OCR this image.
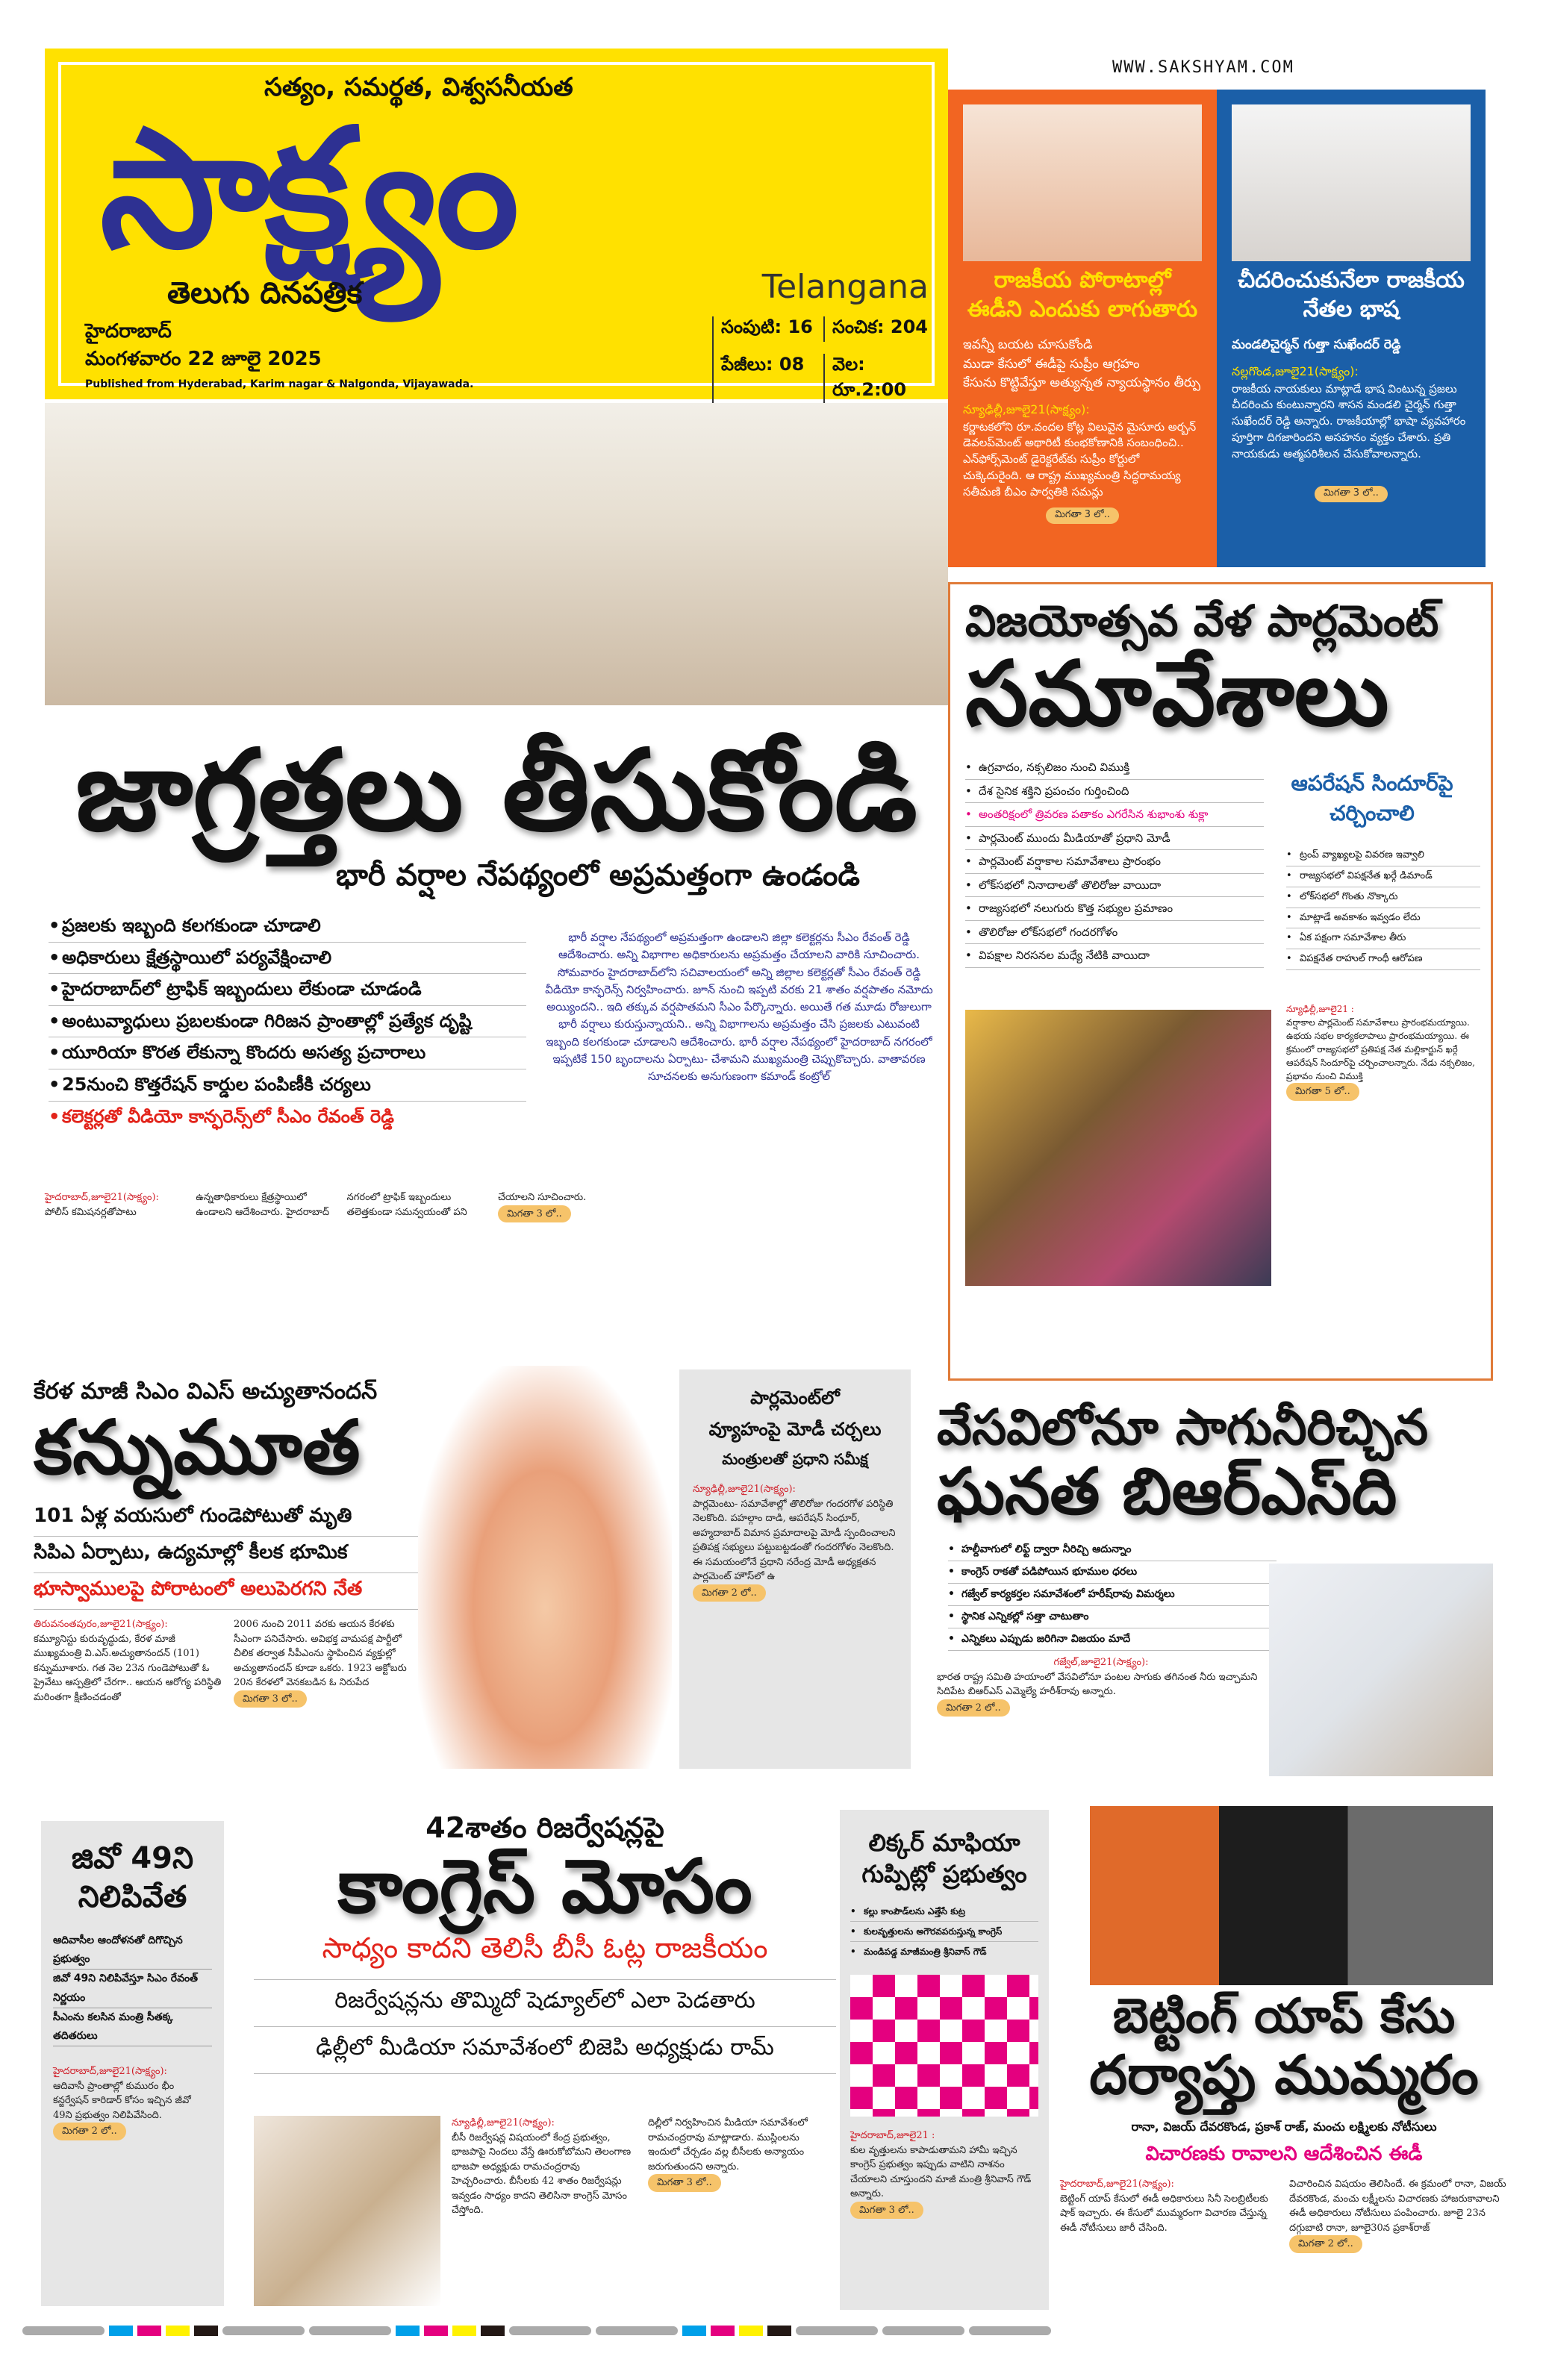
WWW.SAKSHYAM.COM
సత్యం, సమర్థత, విశ్వసనీయత
సాక్ష్యం
తెలుగు దినపత్రిక
హైదరాబాద్
మంగళవారం 22 జూలై 2025
Published from Hyderabad, Karim nagar & Nalgonda, Vijayawada.
Telangana
సంపుటి: 16	సంచిక: 204
పేజీలు: 08	వెల: రూ.2:00
రాజకీయ పోరాటాల్లో ఈడీని ఎందుకు లాగుతారు
ఇవన్నీ బయట చూసుకోండి
ముడా కేసులో ఈడీపై సుప్రీం ఆగ్రహం
కేసును కొట్టివేస్తూ అత్యున్నత న్యాయస్థానం తీర్పు
న్యూఢిల్లీ,జూలై21(సాక్ష్యం):

కర్ణాటకలోని రూ.వందల కోట్ల విలువైన మైసూరు అర్బన్ డెవలప్‌మెంట్ అథారిటీ కుంభకోణానికి సంబంధించి.. ఎన్‌ఫోర్స్‌మెంట్ డైరెక్టరేట్‌కు సుప్రీం కోర్టులో చుక్కెదురైంది. ఆ రాష్ట్ర ముఖ్యమంత్రి సిద్ధరామయ్య సతీమణి బీఎం పార్వతికి సమన్లు

మిగతా 3 లో..
చీదరించుకునేలా రాజకీయ నేతల భాష
మండలిచైర్మన్ గుత్తా సుఖేందర్ రెడ్డి
నల్లగొండ,జూలై21(సాక్ష్యం):

రాజకీయ నాయకులు మాట్లాడే భాష వింటున్న ప్రజలు చీదరించు కుంటున్నారని శాసన మండలి చైర్మన్ గుత్తా సుఖేందర్ రెడ్డి అన్నారు. రాజకీయాల్లో భాషా వ్యవహారం పూర్తిగా దిగజారిందని అసహనం వ్యక్తం చేశారు. ప్రతి నాయకుడు ఆత్మపరిశీలన చేసుకోవాలన్నారు.

మిగతా 3 లో..
జాగ్రత్తలు తీసుకోండి
భారీ వర్షాల నేపథ్యంలో అప్రమత్తంగా ఉండండి
• ప్రజలకు ఇబ్బంది కలగకుండా చూడాలి
• అధికారులు క్షేత్రస్థాయిలో పర్యవేక్షించాలి
• హైదరాబాద్‌లో ట్రాఫిక్ ఇబ్బందులు లేకుండా చూడండి
• అంటువ్యాధులు ప్రబలకుండా గిరిజన ప్రాంతాల్లో ప్రత్యేక దృష్టి
• యూరియా కొరత లేకున్నా కొందరు అసత్య ప్రచారాలు
• 25నుంచి కొత్తరేషన్ కార్డుల పంపిణీకి చర్యలు
• కలెక్టర్లతో వీడియో కాన్ఫరెన్స్‌లో సీఎం రేవంత్ రెడ్డి
భారీ వర్షాల నేపథ్యంలో అప్రమత్తంగా ఉండాలని జిల్లా కలెక్టర్లను సీఎం రేవంత్ రెడ్డి ఆదేశించారు. అన్ని విభాగాల అధికారులను అప్రమత్తం చేయాలని వారికి సూచించారు. సోమవారం హైదరాబాద్‌లోని సచివాలయంలో అన్ని జిల్లాల కలెక్టర్లతో సీఎం రేవంత్ రెడ్డి వీడియో కాన్ఫరెన్స్ నిర్వహించారు. జూన్ నుంచి ఇప్పటి వరకు 21 శాతం వర్షపాతం నమోదు అయ్యిందని.. ఇది తక్కువ వర్షపాతమని సీఎం పేర్కొన్నారు. అయితే గత మూడు రోజులుగా భారీ వర్షాలు కురుస్తున్నాయని.. అన్ని విభాగాలను అప్రమత్తం చేసి ప్రజలకు ఎటువంటి ఇబ్బంది కలగకుండా చూడాలని ఆదేశించారు. భారీ వర్షాల నేపథ్యంలో హైదరాబాద్ నగరంలో ఇప్పటికే 150 బృందాలను ఏర్పాటు- చేశామని ముఖ్యమంత్రి చెప్పుకొచ్చారు. వాతావరణ సూచనలకు అనుగుణంగా కమాండ్ కంట్రోల్
హైదరాబాద్,జూలై21(సాక్ష్యం): పోలీస్ కమిషనర్లతోపాటు ఉన్నతాధికారులు క్షేత్రస్థాయిలో ఉండాలని ఆదేశించారు. హైదరాబాద్ నగరంలో ట్రాఫిక్ ఇబ్బందులు తలెత్తకుండా సమన్వయంతో పని చేయాలని సూచించారు. మిగతా 3 లో..
విజయోత్సవ వేళ పార్లమెంట్
సమావేశాలు
• ఉగ్రవాదం, నక్సలిజం నుంచి విముక్తి
• దేశ సైనిక శక్తిని ప్రపంచం గుర్తించింది
• అంతరిక్షంలో త్రివరణ పతాకం ఎగరేసిన శుభాంశు శుక్లా
• పార్లమెంట్ ముందు మీడియాతో ప్రధాని మోడీ
• పార్లమెంట్ వర్షాకాల సమావేశాలు ప్రారంభం
• లోక్‌సభలో నినాదాలతో తొలిరోజు వాయిదా
• రాజ్యసభలో నలుగురు కొత్త సభ్యుల ప్రమాణం
• తొలిరోజు లోక్‌సభలో గందరగోళం
• విపక్షాల నిరసనల మధ్యే నేటికి వాయిదా
ఆపరేషన్ సిందూర్‌పై చర్చించాలి
• ట్రంప్ వ్యాఖ్యలపై వివరణ ఇవ్వాలి
• రాజ్యసభలో విపక్షనేత ఖర్గే డిమాండ్
• లోక్‌సభలో గొంతు నొక్కారు
• మాట్లాడే అవకాశం ఇవ్వడం లేదు
• ఏక పక్షంగా సమావేశాల తీరు
• విపక్షనేత రాహుల్ గాంధీ ఆరోపణ
న్యూఢిల్లీ,జూలై21 :
వర్షాకాల పార్లమెంట్ సమావేశాలు ప్రారంభమయ్యాయి. ఉభయ సభల కార్యకలాపాలు ప్రారంభమయ్యాయి. ఈ క్రమంలో రాజ్యసభలో ప్రతిపక్ష నేత మల్లికార్జున్ ఖర్గే ఆపరేషన్ సిందూర్‌పై చర్చించాలన్నారు. నేడు నక్సలిజం, ప్రభావం నుంచి విముక్తి
మిగతా 5 లో..
కేరళ మాజీ సిఎం విఎస్ అచ్యుతానందన్
కన్నుమూత
101 ఏళ్ల వయసులో గుండెపోటుతో మృతి
సిపిఎ ఏర్పాటు, ఉద్యమాల్లో కీలక భూమిక
భూస్వాములపై పోరాటంలో అలుపెరగని నేత
తిరువనంతపురం,జూలై21(సాక్ష్యం):
కమ్యూనిస్టు కురువృద్ధుడు, కేరళ మాజీ ముఖ్యమంత్రి వి.ఎస్.అచ్యుతానందన్ (101) కన్నుమూశారు. గత నెల 23న గుండెపోటుతో ఓ ప్రైవేటు ఆస్పత్రిలో చేరగా.. ఆయన ఆరోగ్య పరిస్థితి మరింతగా క్షీణించడంతో
2006 నుంచి 2011 వరకు ఆయన కేరళకు సీఎంగా పనిచేసారు. అవిభక్త వామపక్ష పార్టీలో చీలిక తర్వాత సీపీఎంను స్థాపించిన వ్యక్తుల్లో అచ్యుతానందన్ కూడా ఒకరు. 1923 అక్టోబరు 20న కేరళలో వెనకబడిన ఓ నిరుపేద
మిగతా 3 లో..
పార్లమెంట్‌లో
వ్యూహంపై మోడీ చర్చలు
మంత్రులతో ప్రధాని సమీక్ష
న్యూఢిల్లీ,జూలై21(సాక్ష్యం):
పార్లమెంటు- సమావేశాల్లో తొలిరోజు గందరగోళ పరిస్థితి నెలకొంది. పహల్గాం దాడి, ఆపరేషన్ సింధూర్, అహ్మదాబాద్ విమాన ప్రమాదాలపై మోడీ స్పందించాలని ప్రతిపక్ష సభ్యులు పట్టుబట్టడంతో గందరగోళం నెలకొంది. ఈ సమయంలోనే ప్రధాని నరేంద్ర మోడీ అధ్యక్షతన పార్లమెంట్ హౌస్‌లో ఉ
మిగతా 2 లో..
వేసవిలోనూ సాగునీరిచ్చిన
ఘనత బిఆర్‌ఎస్‌ది
• హల్దీవాగులో లిఫ్ట్ ద్వారా నీరిచ్చి ఆదున్నాం
• కాంగ్రెస్ రాకతో పడిపోయిన భూముల ధరలు
• గజ్వేల్ కార్యకర్తల సమావేశంలో హరీష్‌రావు విమర్శలు
• స్థానిక ఎన్నికల్లో సత్తా చాటుతాం
• ఎన్నికలు ఎప్పుడు జరిగినా విజయం మాదే
గజ్వేల్,జూలై21(సాక్ష్యం):
భారత రాష్ట్ర సమితి హయాంలో వేసవిలోనూ పంటల సాగుకు తగినంత నీరు ఇచ్చామని సిదిపేట బిఆర్‌ఎస్ ఎమ్మెల్యే హరీశ్‌రావు అన్నారు.
మిగతా 2 లో..
జివో 49ని నిలిపివేత
ఆదివాసీల ఆందోళనతో దిగొచ్చిన ప్రభుత్వం
జివో 49ని నిలిపివేస్తూ సిఎం రేవంత్ నిర్ణయం
సీఎంను కలసిన మంత్రి సీతక్క తదితరులు
హైదరాబాద్,జూలై21(సాక్ష్యం):
ఆదివాసీ ప్రాంతాల్లో కుమురం భీం కన్జర్వేషన్ కారిడార్ కోసం ఇచ్చిన జీవో 49ని ప్రభుత్వం నిలిపివేసింది.
మిగతా 2 లో..
42శాతం రిజర్వేషన్లపై
కాంగ్రెస్ మోసం
సాధ్యం కాదని తెలిసీ బీసీ ఓట్ల రాజకీయం
రిజర్వేషన్లను తొమ్మిదో షెడ్యూల్‌లో ఎలా పెడతారు
ఢిల్లీలో మీడియా సమావేశంలో బిజెపి అధ్యక్షుడు రామ్
న్యూఢిల్లీ,జూలై21(సాక్ష్యం):
బీసీ రిజర్వేషన్ల విషయంలో కేంద్ర ప్రభుత్వం, భాజపాపై నిందలు వేస్తే ఊరుకోబోమని తెలంగాణ భాజపా అధ్యక్షుడు రామచంద్రరావు హెచ్చరించారు. బీసీలకు 42 శాతం రిజర్వేషన్లు ఇవ్వడం సాధ్యం కాదని తెలిసినా కాంగ్రెస్ మోసం చేస్తోంది.
దిల్లీలో నిర్వహించిన మీడియా సమావేశంలో రామచంద్రరావు మాట్లాడారు. ముస్లింలను ఇందులో చేర్చడం వల్ల బీసీలకు అన్యాయం జరుగుతుందని అన్నారు.
మిగతా 3 లో..
లిక్కర్ మాఫియా గుప్పిట్లో ప్రభుత్వం
• కల్లు కాంపౌడ్‌లను ఎత్తేసే కుట్ర
• కులవృత్తులను అగౌరవపరుస్తున్న కాంగ్రెస్
• మండిపడ్డ మాజీమంత్రి శ్రీనివాస్ గౌడ్
హైదరాబాద్,జూలై21 :
కుల వృత్తులను కాపాడుతామని హామీ ఇచ్చిన కాంగ్రెస్ ప్రభుత్వం ఇప్పుడు వాటిని నాశనం చేయాలని చూస్తుందని మాజీ మంత్రి శ్రీనివాస్ గౌడ్ అన్నారు.
మిగతా 3 లో..
బెట్టింగ్ యాప్ కేసు
దర్యాప్తు ముమ్మరం
రానా, విజయ్ దేవరకొండ, ప్రకాశ్ రాజ్, మంచు లక్ష్మిలకు నోటీసులు
విచారణకు రావాలని ఆదేశించిన ఈడీ
హైదరాబాద్,జూలై21(సాక్ష్యం):
బెట్టింగ్ యాప్ కేసులో ఈడీ అధికారులు సినీ సెలబ్రిటీలకు షాక్ ఇచ్చారు. ఈ కేసులో ముమ్మరంగా విచారణ చేస్తున్న ఈడీ నోటీసులు జారీ చేసింది.
విచారించిన విషయం తెలిసిందే. ఈ క్రమంలో రానా, విజయ్ దేవరకొండ, మంచు లక్ష్మీలను విచారణకు హాజరుకావాలని ఈడీ అధికారులు నోటీసులు పంపించారు. జూలై 23న దగ్గుబాటి రానా, జూలై30న ప్రకాశ్‌రాజ్
మిగతా 2 లో..
